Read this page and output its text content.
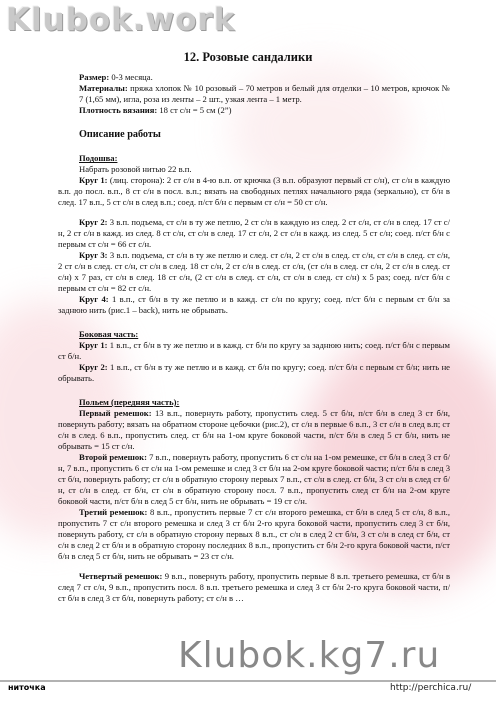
Klubok.work
12. Розовые сандалики

Размер: 0-3 месяца.

Материалы: пряжа хлопок № 10 розовый – 70 метров и белый для отделки – 10 метров, крючок № 7 (1,65 мм), игла, роза из ленты – 2 шт., узкая лента – 1 метр.

Плотность вязания: 18 ст с/н = 5 см (2”)

Описание работы

Подошва:

Набрать розовой нитью 22 в.п.

Круг 1: (лиц. сторона): 2 ст с/н в 4-ю в.п. от крючка (3 в.п. образуют первый ст с/н), ст с/н в каждую в.п. до посл. в.п., 8 ст с/н в посл. в.п.; вязать на свободных петлях начального ряда (зеркально), ст б/н в след. 17 в.п., 5 ст с/н в след в.п.; соед. п/ст б/н с первым ст с/н = 50 ст с/н.

Круг 2: 3 в.п. подъема, ст с/н в ту же петлю, 2 ст с/н в каждую из след. 2 ст с/н, ст с/н в след. 17 ст с/н, 2 ст с/н в кажд. из след. 8 ст с/н, ст с/н в след. 17 ст с/н, 2 ст с/н в кажд. из след. 5 ст с/н; соед. п/ст б/н с первым ст с/н = 66 ст с/н.

Круг 3: 3 в.п. подъема, ст с/н в ту же петлю и след. ст с/н, 2 ст с/н в след. ст с/н, ст с/н в след. ст с/н, 2 ст с/н в след. ст с/н, ст с/н в след. 18 ст с/н, 2 ст с/н в след. ст с/н, (ст с/н в след. ст с/н, 2 ст с/н в след. ст с/н) x 7 раз, ст с/н в след. 18 ст с/н, (2 ст с/н в след. ст с/н, ст с/н в след. ст с/н) x 5 раз; соед. п/ст б/н с первым ст с/н = 82 ст с/н.

Круг 4: 1 в.п., ст б/н в ту же петлю и в кажд. ст с/н по кругу; соед. п/ст б/н с первым ст б/н за заднюю нить (рис.1 – back), нить не обрывать.

Боковая часть:

Круг 1: 1 в.п., ст б/н в ту же петлю и в кажд. ст б/н по кругу за заднюю нить; соед. п/ст б/н с первым ст б/н.

Круг 2: 1 в.п., ст б/н в ту же петлю и в кажд. ст б/н по кругу; соед. п/ст б/н с первым ст б/н; нить не обрывать.

Польем (передняя часть):

Первый ремешок: 13 в.п., повернуть работу, пропустить след. 5 ст б/н, п/ст б/н в след 3 ст б/н, повернуть работу; вязать на обратном стороне цебочки (рис.2), ст с/н в первые 6 в.п., 3 ст с/н в след в.п; ст с/н в след. 6 в.п., пропустить след. ст б/н на 1-ом круге боковой части, п/ст б/н в след 5 ст б/н, нить не обрывать = 15 ст с/н.

Второй ремешок: 7 в.п., повернуть работу, пропустить 6 ст с/н на 1-ом ремешке, ст б/н в след 3 ст б/н, 7 в.п., пропустить 6 ст с/н на 1-ом ремешке и след 3 ст б/н на 2-ом круге боковой части; п/ст б/н в след 3 ст б/н, повернуть работу; ст с/н в обратную сторону первых 7 в.п., ст с/н в след. ст б/н, 3 ст с/н в след ст б/н, ст с/н в след. ст б/н, ст с/н в обратную сторону посл. 7 в.п., пропустить след ст б/н на 2-ом круге боковой части, п/ст б/н в след 5 ст б/н, нить не обрывать = 19 ст с/н.

Третий ремешок: 8 в.п., пропустить первые 7 ст с/н второго ремешка, ст б/н в след 5 ст с/н, 8 в.п., пропустить 7 ст с/н второго ремешка и след 3 ст б/н 2-го круга боковой части, пропустить след 3 ст б/н, повернуть работу, ст с/н в обратную сторону первых 8 в.п., ст с/н в след 2 ст б/н, 3 ст с/н в след ст б/н, ст с/н в след 2 ст б/н и в обратную сторону последних 8 в.п., пропустить ст б/н 2-го круга боковой части, п/ст б/н в след 5 ст б/н, нить не обрывать = 23 ст с/н.

Четвертый ремешок: 9 в.п., повернуть работу, пропустить первые 8 в.п. третьего ремешка, ст б/н в след 7 ст с/н, 9 в.п., пропустить посл. 8 в.п. третьего ремешка и след 3 ст б/н 2-го круга боковой части, п/ст б/н в след 3 ст б/н, повернуть работу; ст с/н в …

Klubok.kg7.ru
ниточка	http://perchica.ru/
